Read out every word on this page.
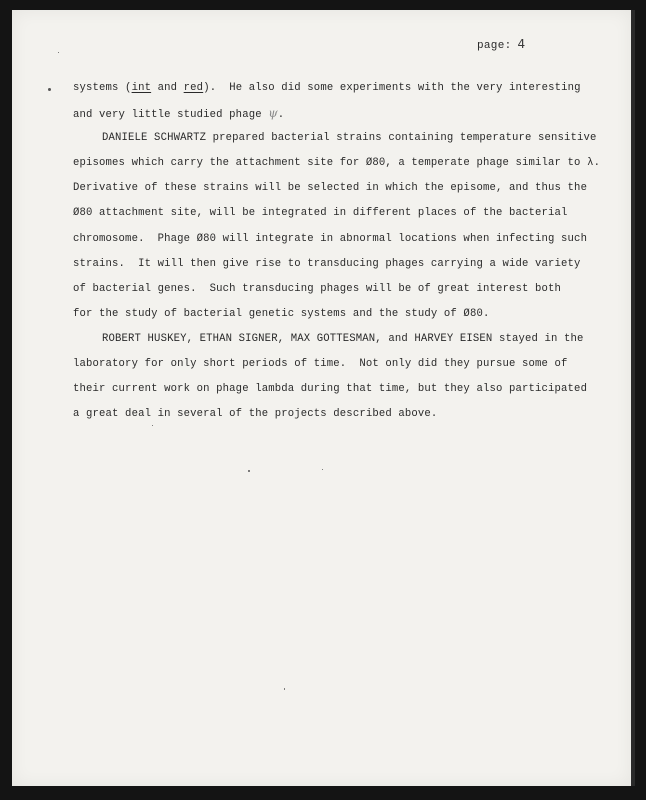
page: 4
systems (int and red).  He also did some experiments with the very interesting
and very little studied phage ψ.
DANIELE SCHWARTZ prepared bacterial strains containing temperature sensitive
episomes which carry the attachment site for Ø80, a temperate phage similar to λ.
Derivative of these strains will be selected in which the episome, and thus the
Ø80 attachment site, will be integrated in different places of the bacterial
chromosome.  Phage Ø80 will integrate in abnormal locations when infecting such
strains.  It will then give rise to transducing phages carrying a wide variety
of bacterial genes.  Such transducing phages will be of great interest both
for the study of bacterial genetic systems and the study of Ø80.
ROBERT HUSKEY, ETHAN SIGNER, MAX GOTTESMAN, and HARVEY EISEN stayed in the
laboratory for only short periods of time.  Not only did they pursue some of
their current work on phage lambda during that time, but they also participated
a great deal in several of the projects described above.
